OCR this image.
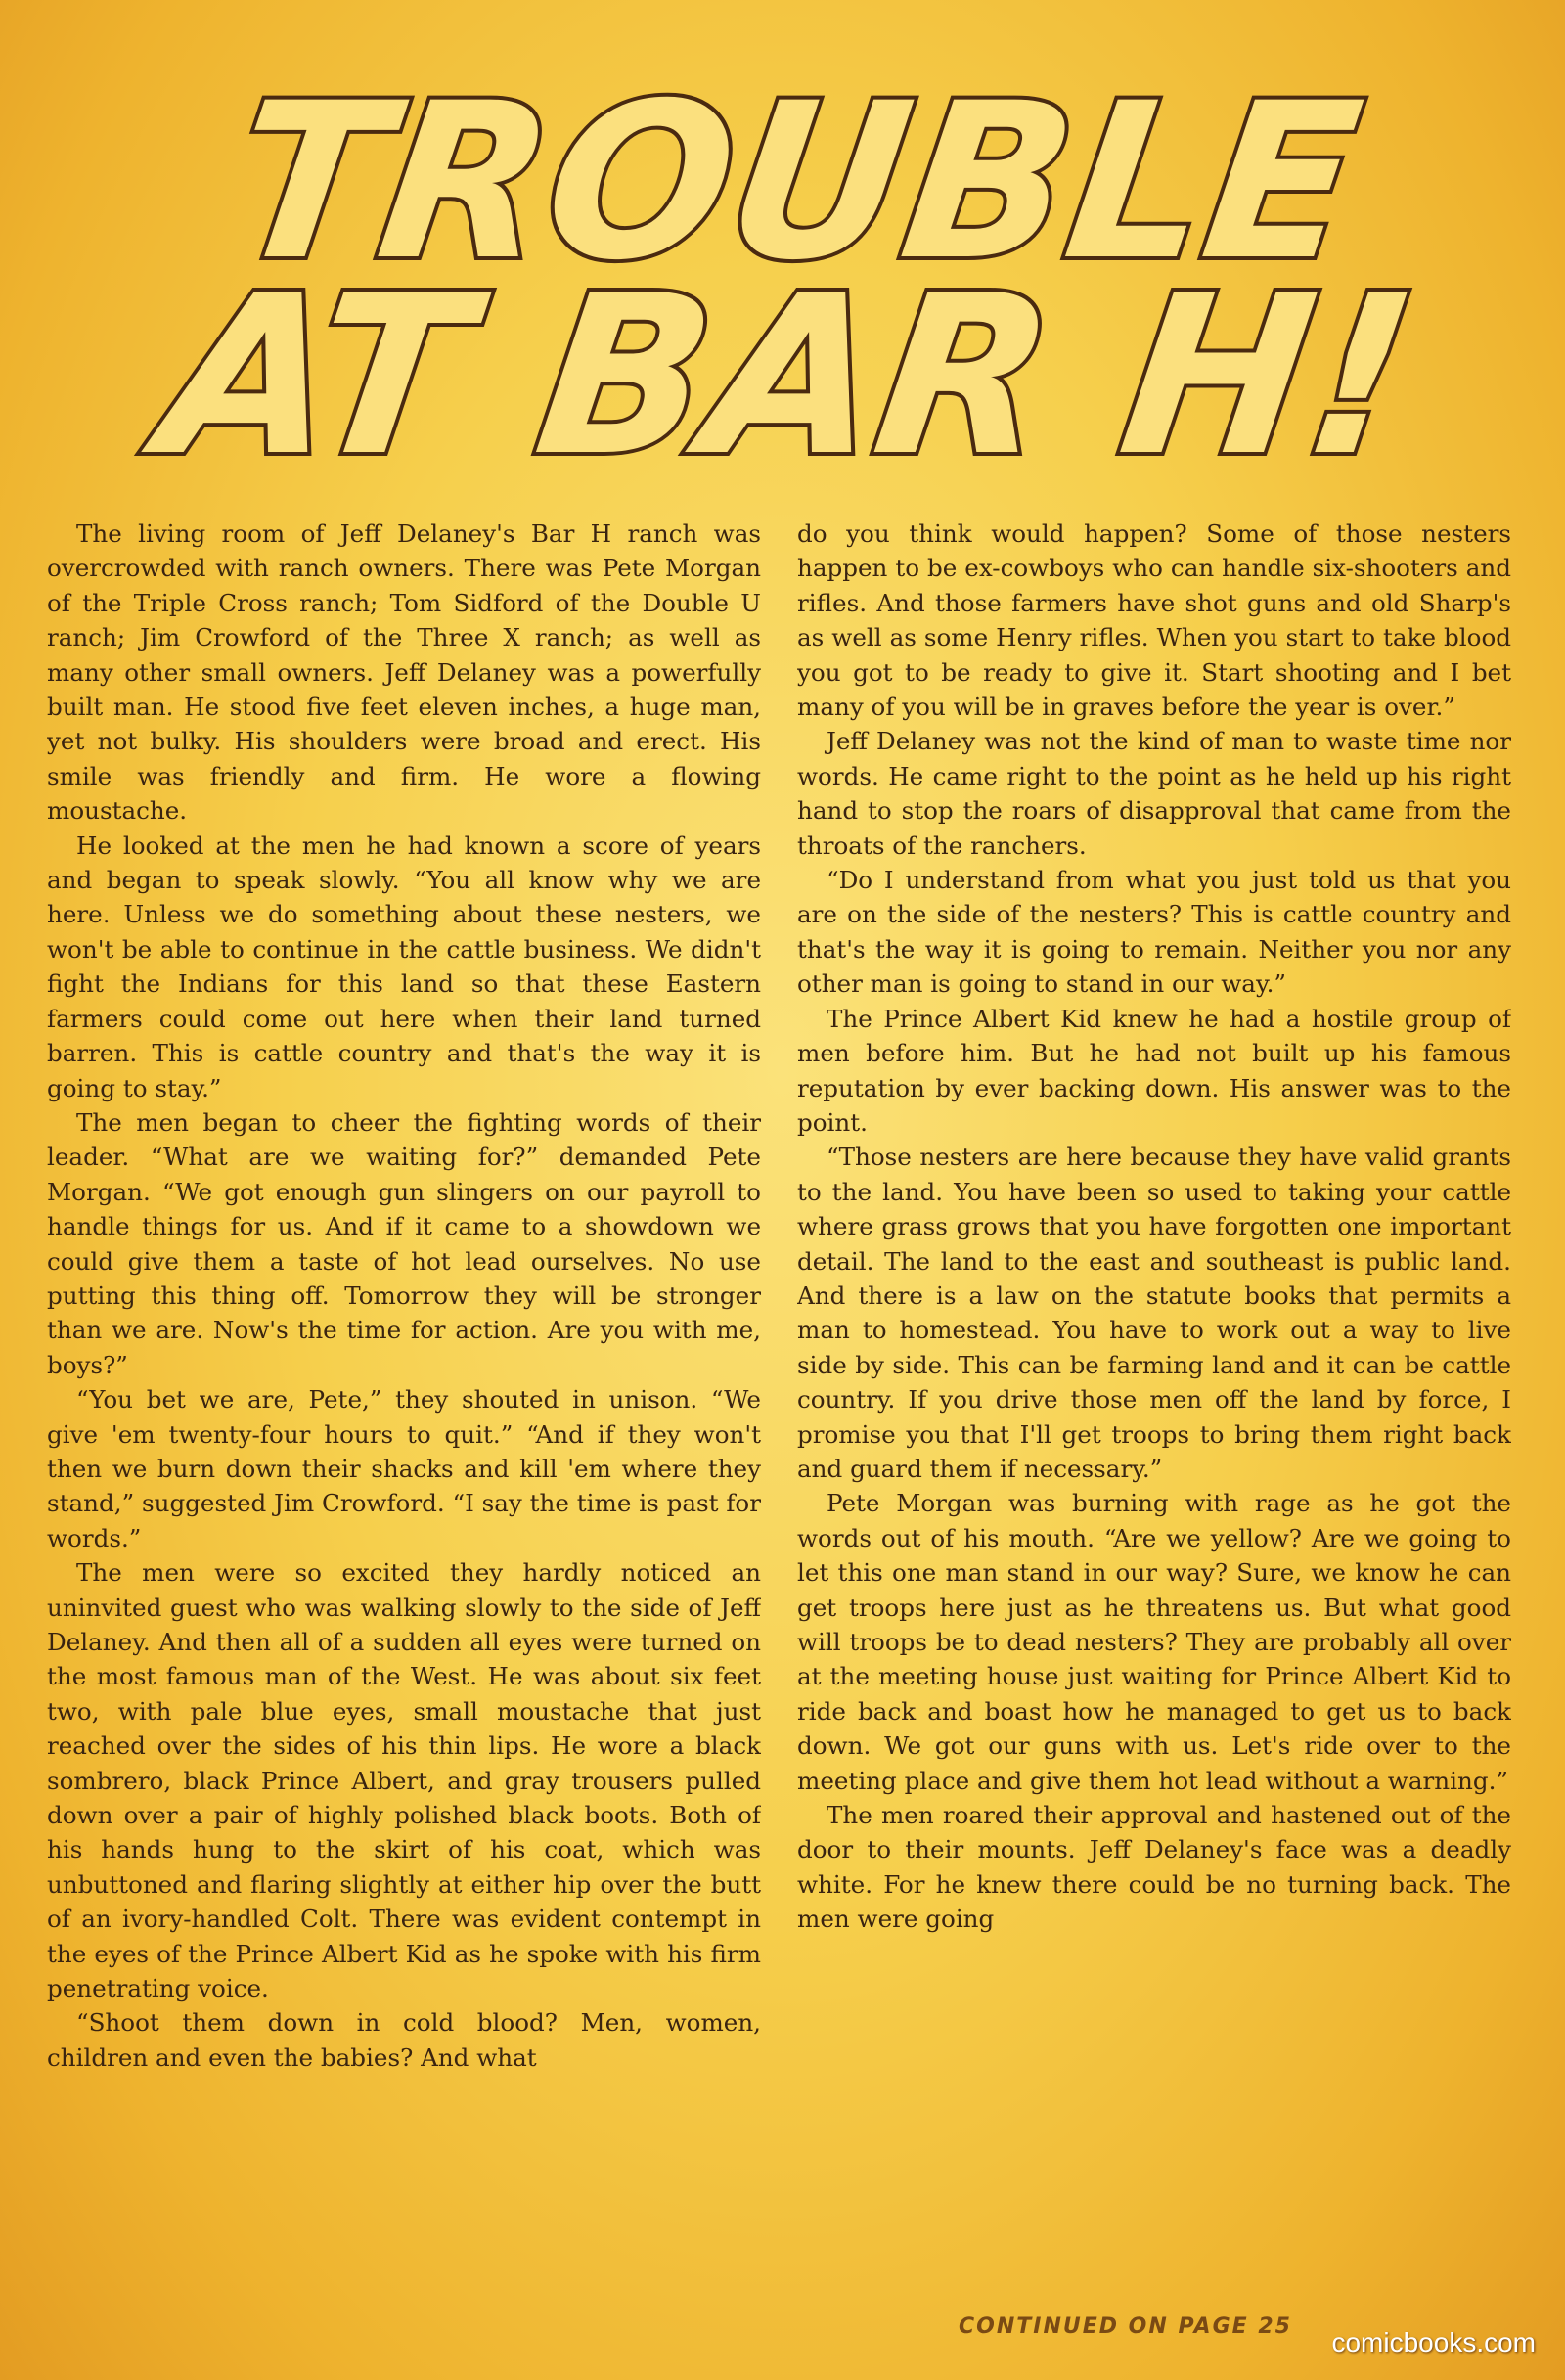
TROUBLE
AT BAR H!

The living room of Jeff Delaney's Bar H ranch was overcrowded with ranch owners. There was Pete Morgan of the Triple Cross ranch; Tom Sidford of the Double U ranch; Jim Crowford of the Three X ranch; as well as many other small owners. Jeff Delaney was a powerfully built man. He stood five feet eleven inches, a huge man, yet not bulky. His shoulders were broad and erect. His smile was friendly and firm. He wore a flowing moustache.

He looked at the men he had known a score of years and began to speak slowly. “You all know why we are here. Unless we do something about these nesters, we won't be able to continue in the cattle business. We didn't fight the Indians for this land so that these Eastern farmers could come out here when their land turned barren. This is cattle country and that's the way it is going to stay.”

The men began to cheer the fighting words of their leader. “What are we waiting for?” demanded Pete Morgan. “We got enough gun slingers on our payroll to handle things for us. And if it came to a showdown we could give them a taste of hot lead ourselves. No use putting this thing off. Tomorrow they will be stronger than we are. Now's the time for action. Are you with me, boys?”

“You bet we are, Pete,” they shouted in unison. “We give 'em twenty-four hours to quit.” “And if they won't then we burn down their shacks and kill 'em where they stand,” suggested Jim Crowford. “I say the time is past for words.”

The men were so excited they hardly noticed an uninvited guest who was walking slowly to the side of Jeff Delaney. And then all of a sudden all eyes were turned on the most famous man of the West. He was about six feet two, with pale blue eyes, small moustache that just reached over the sides of his thin lips. He wore a black sombrero, black Prince Albert, and gray trousers pulled down over a pair of highly polished black boots. Both of his hands hung to the skirt of his coat, which was unbuttoned and flaring slightly at either hip over the butt of an ivory-handled Colt. There was evident contempt in the eyes of the Prince Albert Kid as he spoke with his firm penetrating voice.

“Shoot them down in cold blood? Men, women, children and even the babies? And what

do you think would happen? Some of those nesters happen to be ex-cowboys who can handle six-shooters and rifles. And those farmers have shot guns and old Sharp's as well as some Henry rifles. When you start to take blood you got to be ready to give it. Start shooting and I bet many of you will be in graves before the year is over.”

Jeff Delaney was not the kind of man to waste time nor words. He came right to the point as he held up his right hand to stop the roars of disapproval that came from the throats of the ranchers.

“Do I understand from what you just told us that you are on the side of the nesters? This is cattle country and that's the way it is going to remain. Neither you nor any other man is going to stand in our way.”

The Prince Albert Kid knew he had a hostile group of men before him. But he had not built up his famous reputation by ever backing down. His answer was to the point.

“Those nesters are here because they have valid grants to the land. You have been so used to taking your cattle where grass grows that you have forgotten one important detail. The land to the east and southeast is public land. And there is a law on the statute books that permits a man to homestead. You have to work out a way to live side by side. This can be farming land and it can be cattle country. If you drive those men off the land by force, I promise you that I'll get troops to bring them right back and guard them if necessary.”

Pete Morgan was burning with rage as he got the words out of his mouth. “Are we yellow? Are we going to let this one man stand in our way? Sure, we know he can get troops here just as he threatens us. But what good will troops be to dead nesters? They are probably all over at the meeting house just waiting for Prince Albert Kid to ride back and boast how he managed to get us to back down. We got our guns with us. Let's ride over to the meeting place and give them hot lead without a warning.”

The men roared their approval and hastened out of the door to their mounts. Jeff Delaney's face was a deadly white. For he knew there could be no turning back. The men were going

CONTINUED ON PAGE 25
comicbooks.com
